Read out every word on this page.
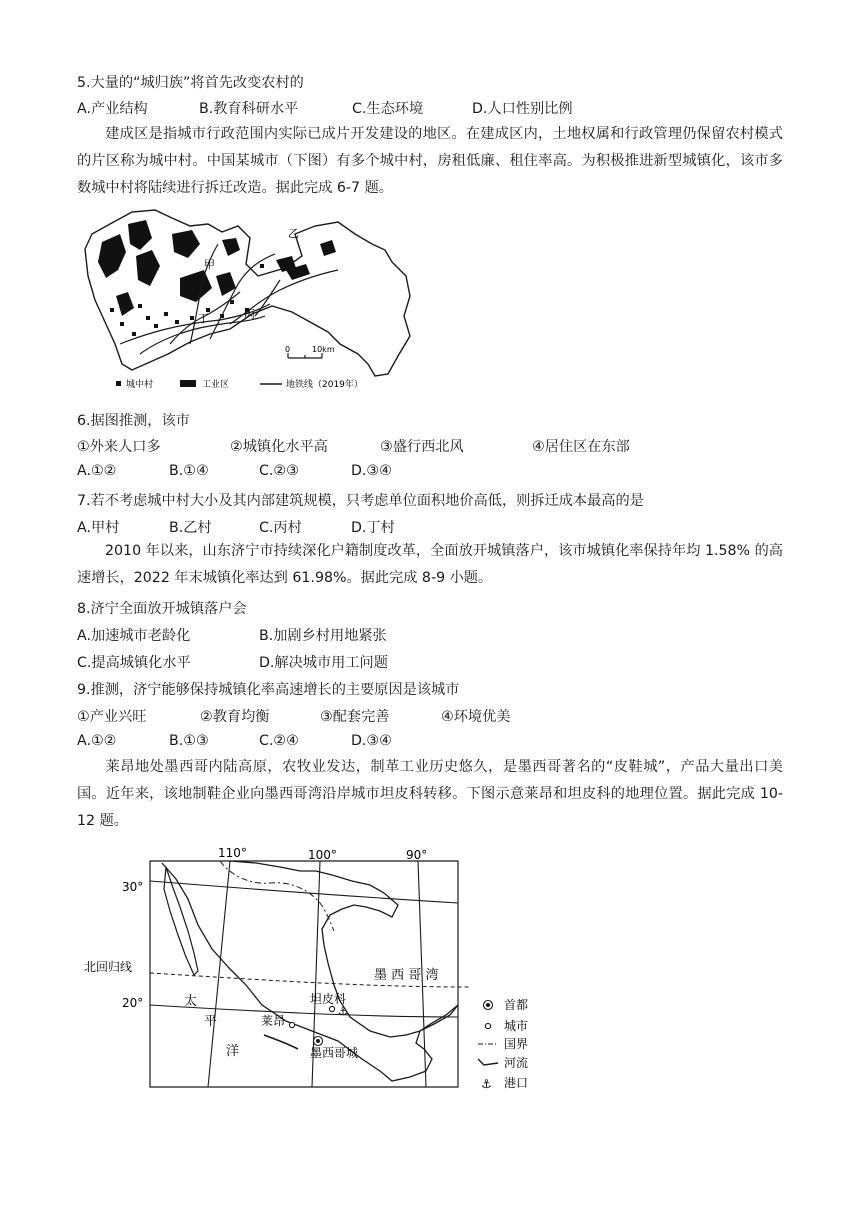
5.大量的“城归族”将首先改变农村的
A.产业结构	B.教育科研水平	C.生态环境	D.人口性别比例
建成区是指城市行政范围内实际已成片开发建设的地区。在建成区内，土地权属和行政管理仍保留农村模式的片区称为城中村。中国某城市（下图）有多个城中村，房租低廉、租住率高。为积极推进新型城镇化，该市多数城中村将陆续进行拆迁改造。据此完成 6-7 题。
甲
乙
丙
丁
0	10km
城中村	工业区	地铁线（2019年）
6.据图推测，该市
①外来人口多	②城镇化水平高	③盛行西北风	④居住区在东部
A.①②	B.①④	C.②③	D.③④
7.若不考虑城中村大小及其内部建筑规模，只考虑单位面积地价高低，则拆迁成本最高的是
A.甲村	B.乙村	C.丙村	D.丁村
2010 年以来，山东济宁市持续深化户籍制度改革，全面放开城镇落户，该市城镇化率保持年均 1.58% 的高速增长，2022 年末城镇化率达到 61.98%。据此完成 8-9 小题。
8.济宁全面放开城镇落户会
A.加速城市老龄化	B.加剧乡村用地紧张
C.提高城镇化水平	D.解决城市用工问题
9.推测，济宁能够保持城镇化率高速增长的主要原因是该城市
①产业兴旺	②教育均衡	③配套完善	④环境优美
A.①②	B.①③	C.②④	D.③④
莱昂地处墨西哥内陆高原，农牧业发达，制革工业历史悠久，是墨西哥著名的“皮鞋城”，产品大量出口美国。近年来，该地制鞋企业向墨西哥湾沿岸城市坦皮科转移。下图示意莱昂和坦皮科的地理位置。据此完成 10-12 题。
110°	100°	90°
30°
20°
北回归线
墨 西 哥 湾
太
平
洋
坦皮科
⚓
莱昂
墨西哥城
首都
城市
国界
河流
⚓ 港口
